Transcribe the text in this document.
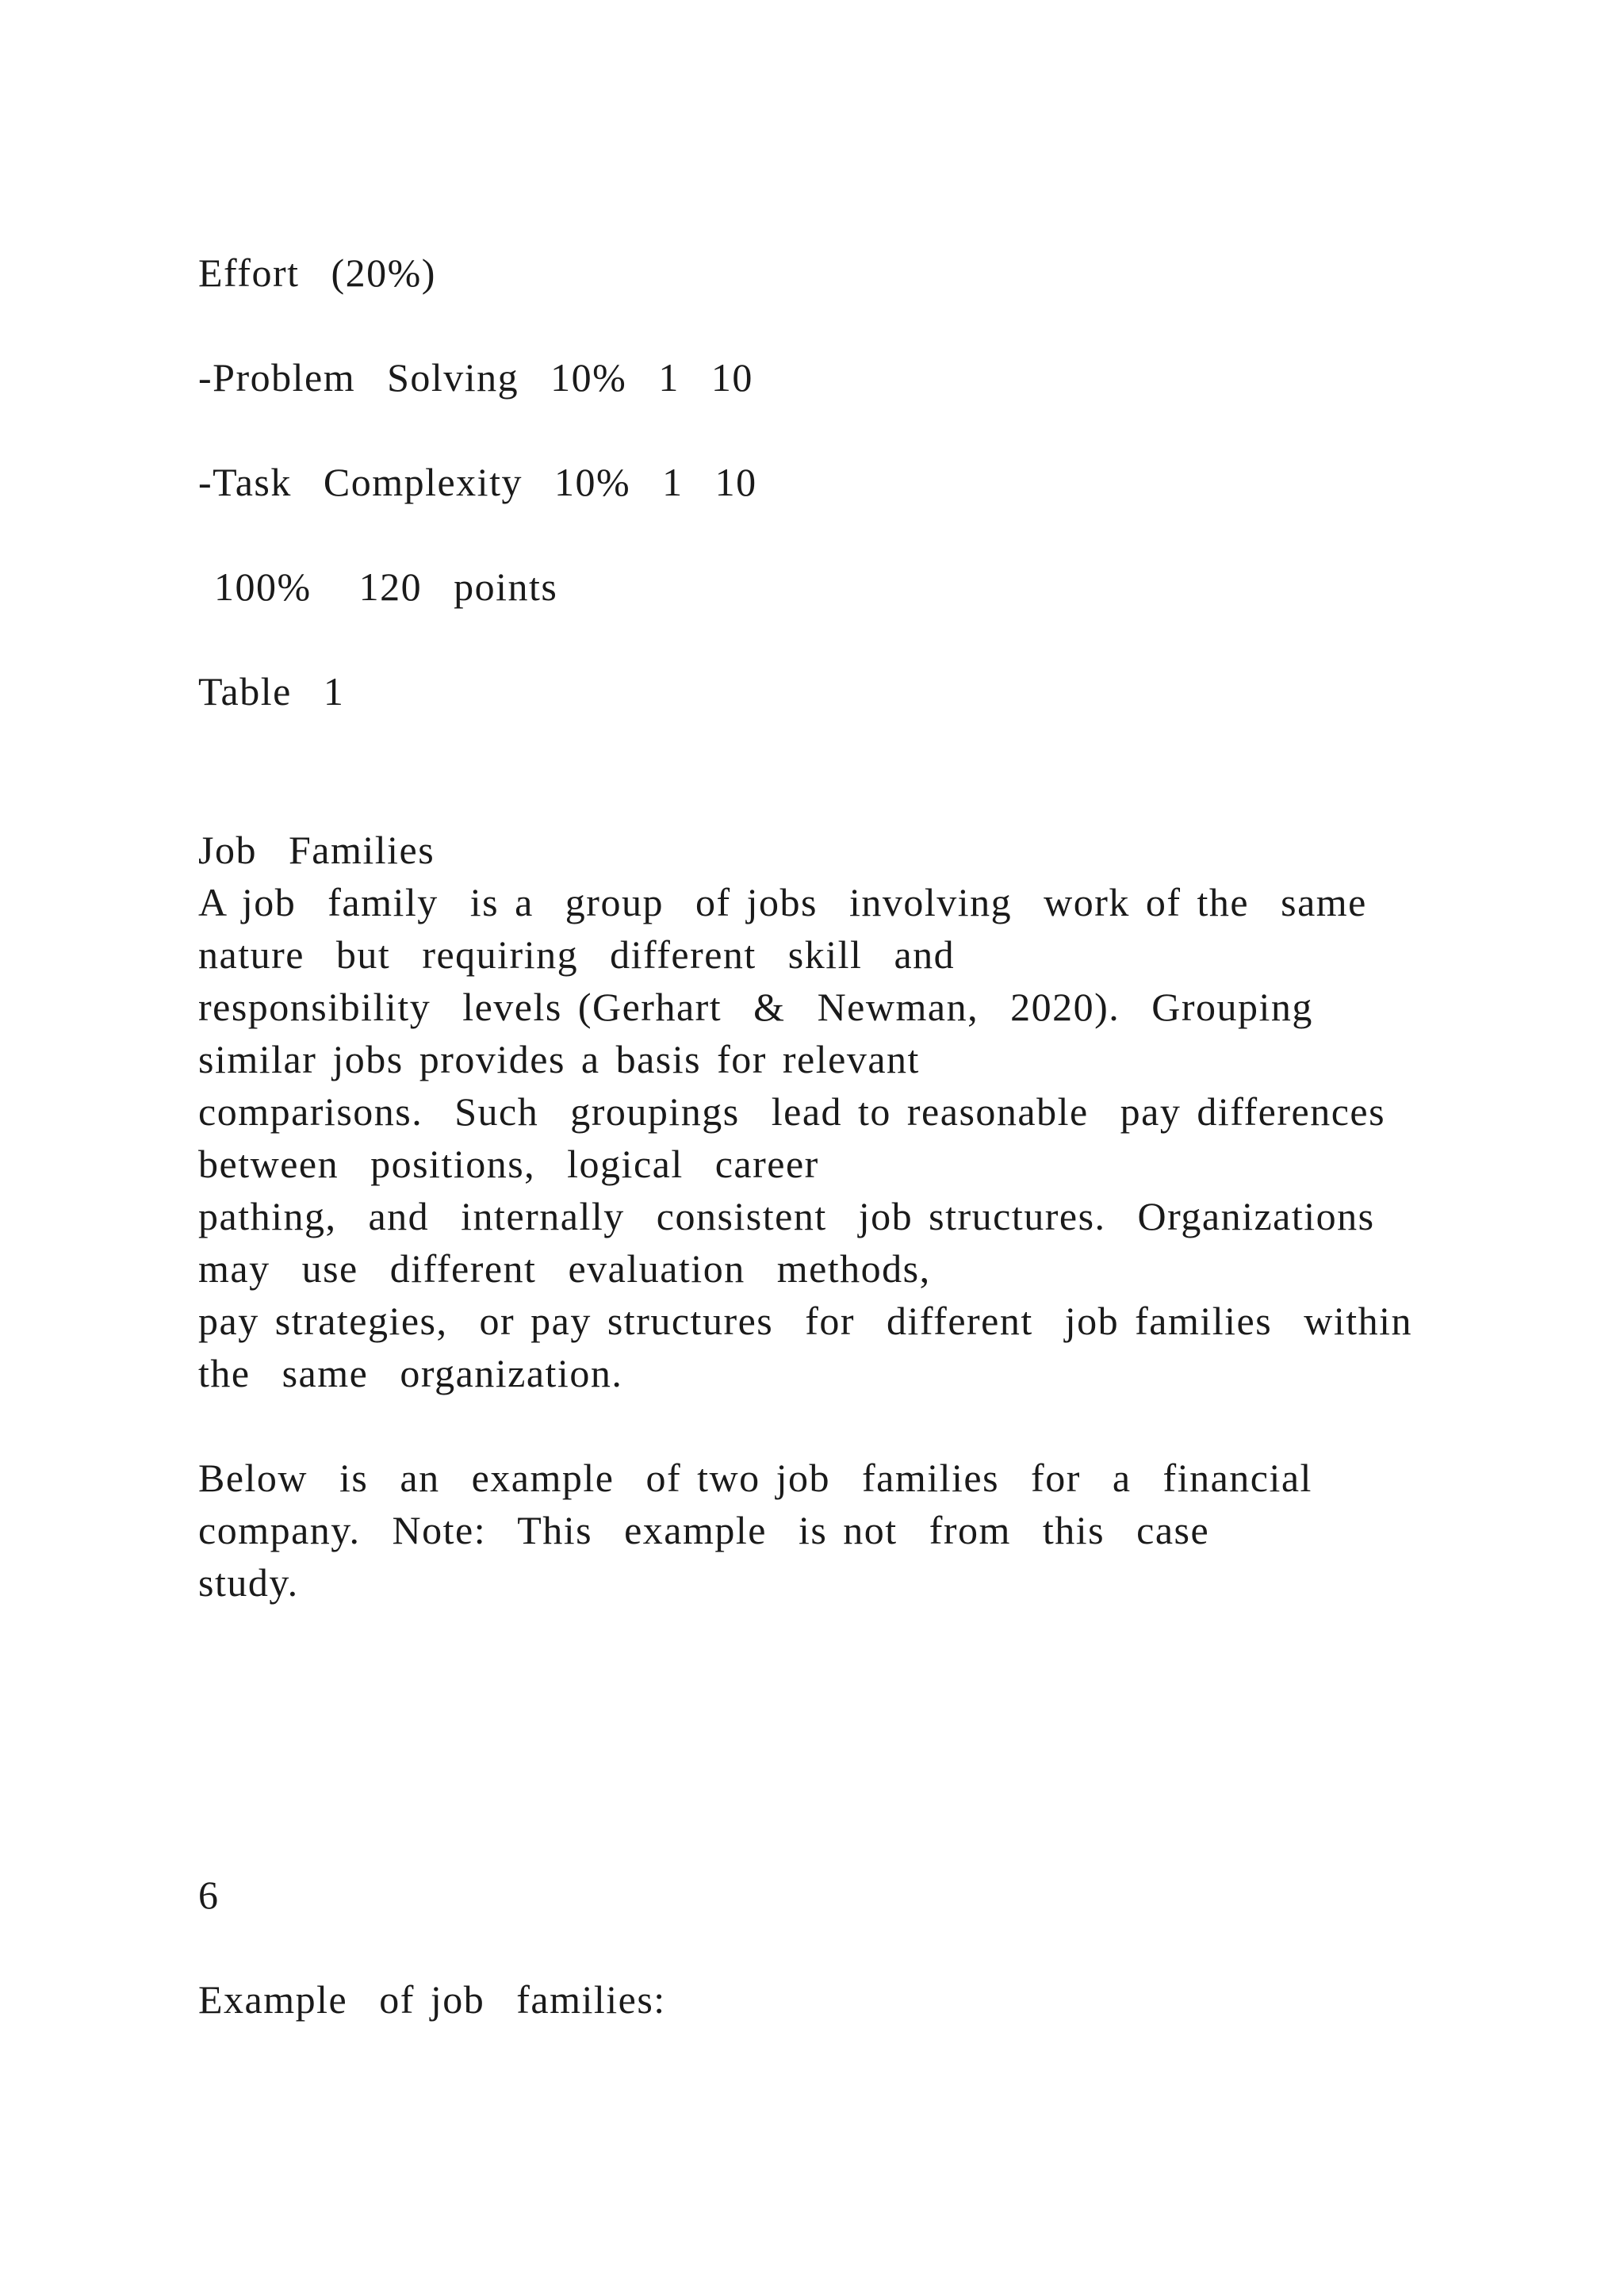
Effort  (20%)
-Problem  Solving  10%  1  10
-Task  Complexity  10%  1  10
100%   120  points
Table  1
Job  Families
A job  family  is a  group  of jobs  involving  work of the  same
nature  but  requiring  different  skill  and
responsibility  levels (Gerhart  &  Newman,  2020).  Grouping
similar jobs provides a basis for relevant
comparisons.  Such  groupings  lead to reasonable  pay differences
between  positions,  logical  career
pathing,  and  internally  consistent  job structures.  Organizations
may  use  different  evaluation  methods,
pay strategies,  or pay structures  for  different  job families  within
the  same  organization.
Below  is  an  example  of two job  families  for  a  financial
company.  Note:  This  example  is not  from  this  case
study.
6
Example  of job  families:
